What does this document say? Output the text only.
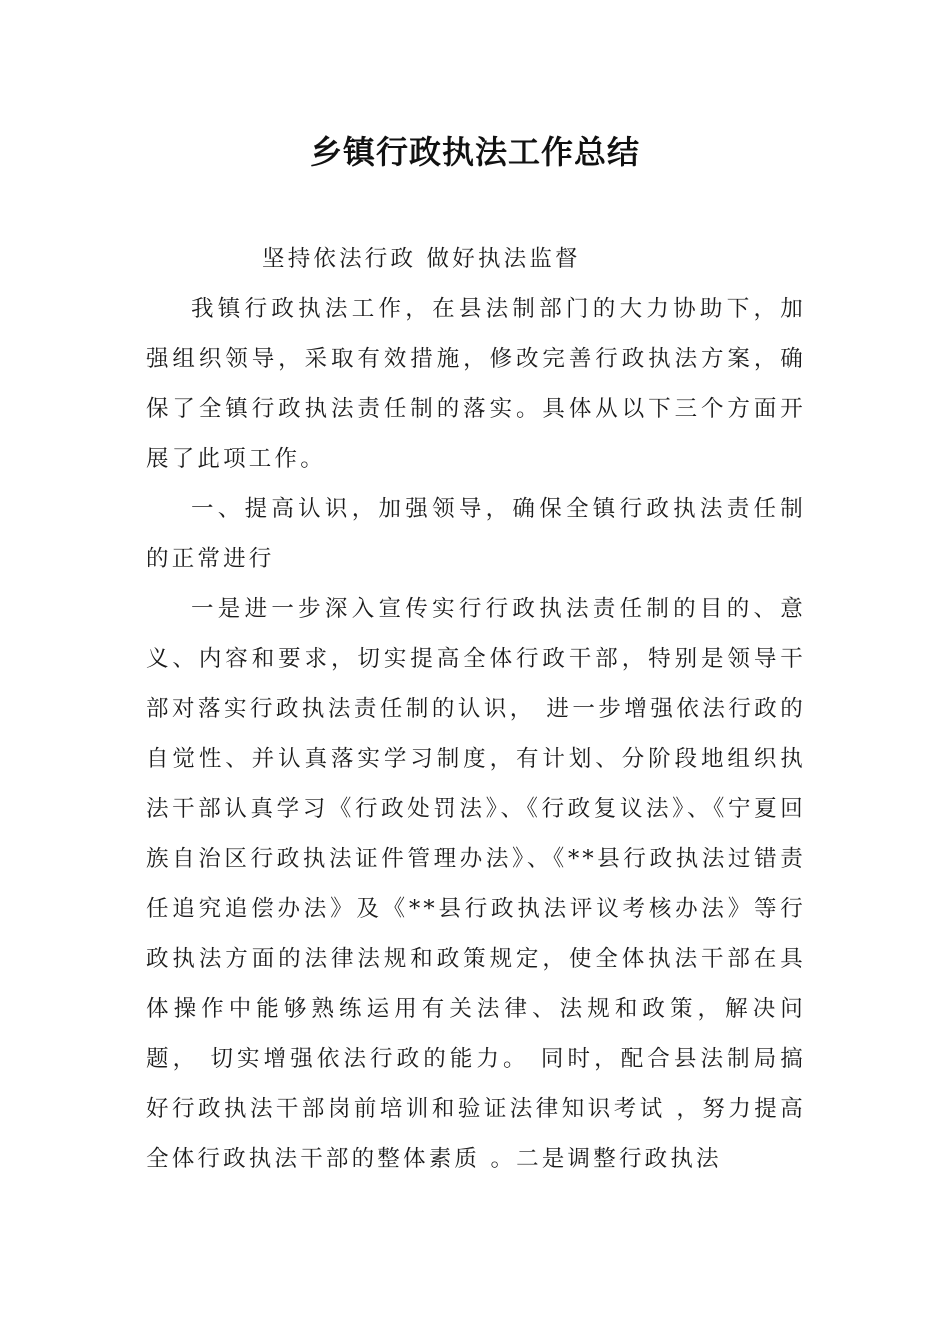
乡镇行政执法工作总结

坚持依法行政 做好执法监督

我镇行政执法工作，在县法制部门的大力协助下，加强组织领导，采取有效措施，修改完善行政执法方案，确保了全镇行政执法责任制的落实。具体从以下三个方面开展了此项工作。

一、提高认识，加强领导，确保全镇行政执法责任制的正常进行

一是进一步深入宣传实行行政执法责任制的目的、意义、内容和要求，切实提高全体行政干部，特别是领导干部对落实行政执法责任制的认识， 进一步增强依法行政的自觉性、并认真落实学习制度，有计划、分阶段地组织执法干部认真学习《行政处罚法》、《行政复议法》、《宁夏回族自治区行政执法证件管理办法》、《**县行政执法过错责任追究追偿办法》及《**县行政执法评议考核办法》等行政执法方面的法律法规和政策规定，使全体执法干部在具体操作中能够熟练运用有关法律、法规和政策，解决问题， 切实增强依法行政的能力。 同时，配合县法制局搞好行政执法干部岗前培训和验证法律知识考试 ，努力提高全体行政执法干部的整体素质 。二是调整行政执法
